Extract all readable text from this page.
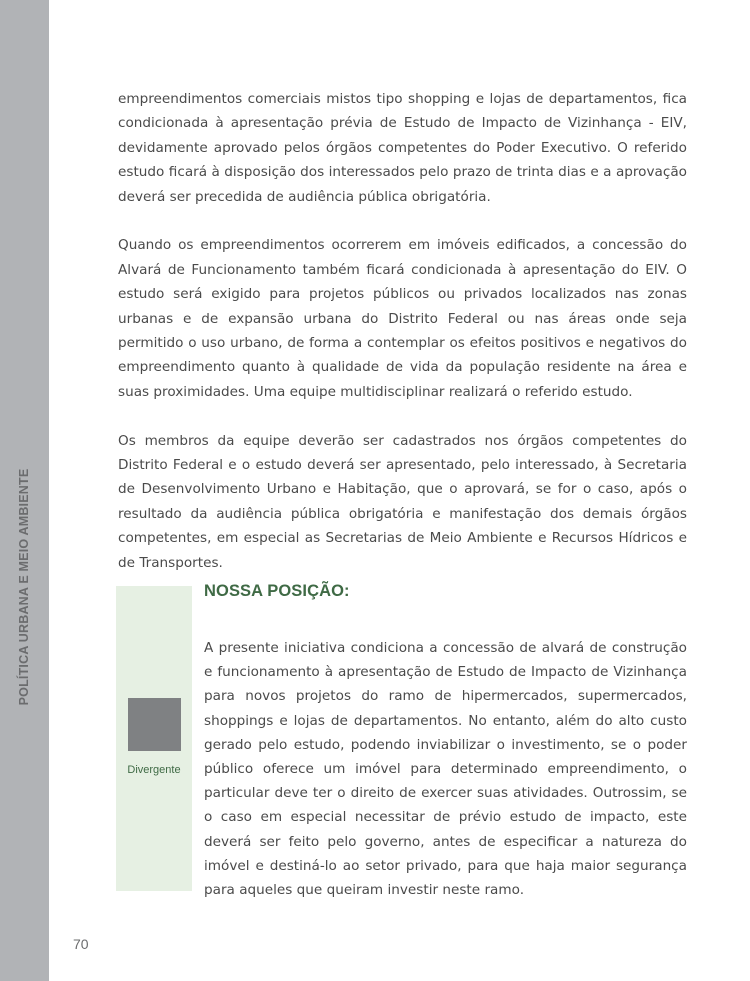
POLÍTICA URBANA E MEIO AMBIENTE

empreendimentos comerciais mistos tipo shopping e lojas de departamentos, fica condicionada à apresentação prévia de Estudo de Impacto de Vizinhança - EIV, devidamente aprovado pelos órgãos competentes do Poder Executivo. O referido estudo ficará à disposição dos interessados pelo prazo de trinta dias e a aprovação deverá ser precedida de audiência pública obrigatória.

Quando os empreendimentos ocorrerem em imóveis edificados, a concessão do Alvará de Funcionamento também ficará condicionada à apresentação do EIV. O estudo será exigido para projetos públicos ou privados localizados nas zonas urbanas e de expansão urbana do Distrito Federal ou nas áreas onde seja permitido o uso urbano, de forma a contemplar os efeitos positivos e negativos do empreendimento quanto à qualidade de vida da população residente na área e suas proximidades. Uma equipe multidisciplinar realizará o referido estudo.

Os membros da equipe deverão ser cadastrados nos órgãos competentes do Distrito Federal e o estudo deverá ser apresentado, pelo interessado, à Secretaria de Desenvolvimento Urbano e Habitação, que o aprovará, se for o caso, após o resultado da audiência pública obrigatória e manifestação dos demais órgãos competentes, em especial as Secretarias de Meio Ambiente e Recursos Hídricos e de Transportes.

Divergente
NOSSA POSIÇÃO:

A presente iniciativa condiciona a concessão de alvará de construção e funcionamento à apresentação de Estudo de Impacto de Vizinhança para novos projetos do ramo de hipermercados, supermercados, shoppings e lojas de departamentos. No entanto, além do alto custo gerado pelo estudo, podendo inviabilizar o investimento, se o poder público oferece um imóvel para determinado empreendimento, o particular deve ter o direito de exercer suas atividades. Outrossim, se o caso em especial necessitar de prévio estudo de impacto, este deverá ser feito pelo governo, antes de especificar a natureza do imóvel e destiná-lo ao setor privado, para que haja maior segurança para aqueles que queiram investir neste ramo.

70
